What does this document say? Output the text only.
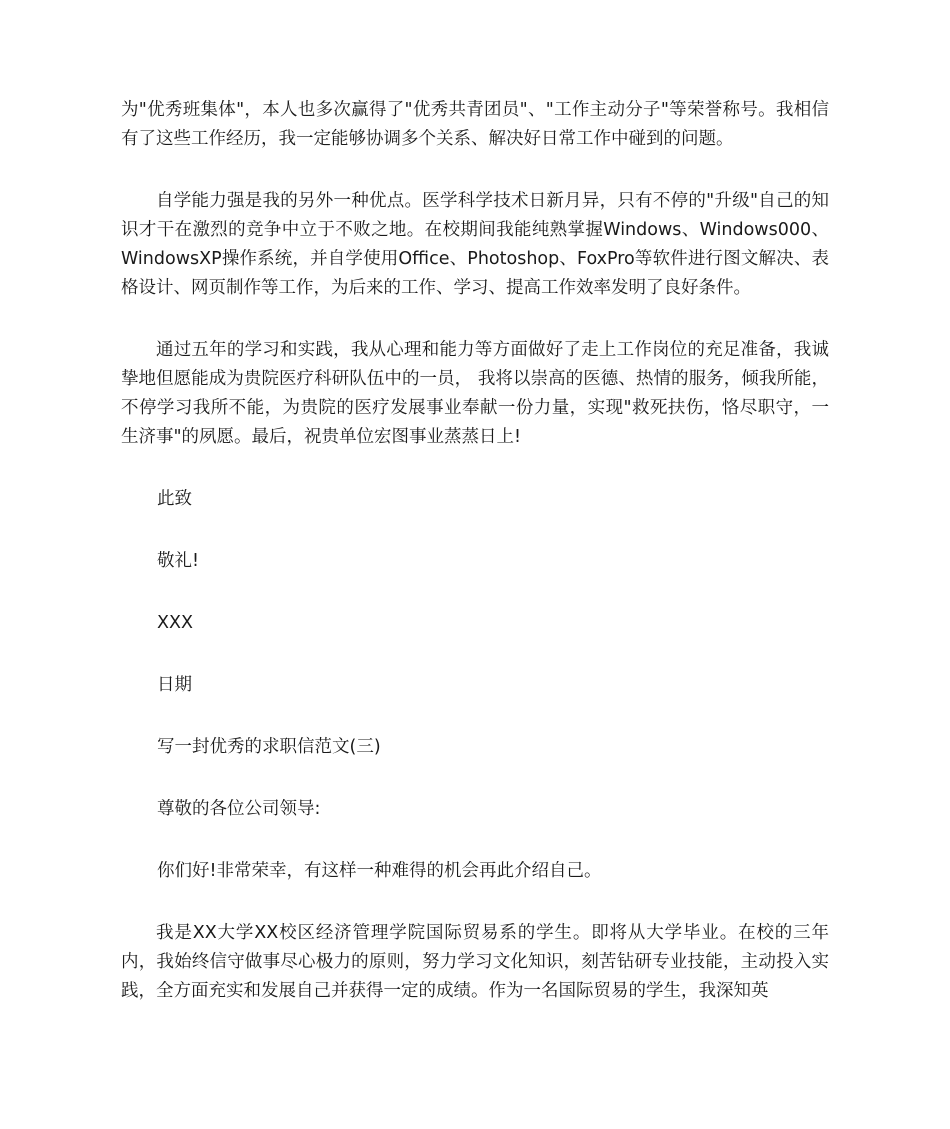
为"优秀班集体"，本人也多次赢得了"优秀共青团员"、"工作主动分子"等荣誉称号。我相信有了这些工作经历，我一定能够协调多个关系、解决好日常工作中碰到的问题。

自学能力强是我的另外一种优点。医学科学技术日新月异，只有不停的"升级"自己的知识才干在激烈的竞争中立于不败之地。在校期间我能纯熟掌握Windows、Windows000、WindowsXP操作系统，并自学使用Office、Photoshop、FoxPro等软件进行图文解决、表格设计、网页制作等工作，为后来的工作、学习、提高工作效率发明了良好条件。

通过五年的学习和实践，我从心理和能力等方面做好了走上工作岗位的充足准备，我诚挚地但愿能成为贵院医疗科研队伍中的一员， 我将以崇高的医德、热情的服务，倾我所能，不停学习我所不能，为贵院的医疗发展事业奉献一份力量，实现"救死扶伤，恪尽职守，一生济事"的夙愿。最后，祝贵单位宏图事业蒸蒸日上!

此致

敬礼!

XXX

日期

写一封优秀的求职信范文(三)

尊敬的各位公司领导:

你们好!非常荣幸，有这样一种难得的机会再此介绍自己。

我是XX大学XX校区经济管理学院国际贸易系的学生。即将从大学毕业。在校的三年内，我始终信守做事尽心极力的原则，努力学习文化知识，刻苦钻研专业技能，主动投入实践，全方面充实和发展自己并获得一定的成绩。作为一名国际贸易的学生，我深知英
